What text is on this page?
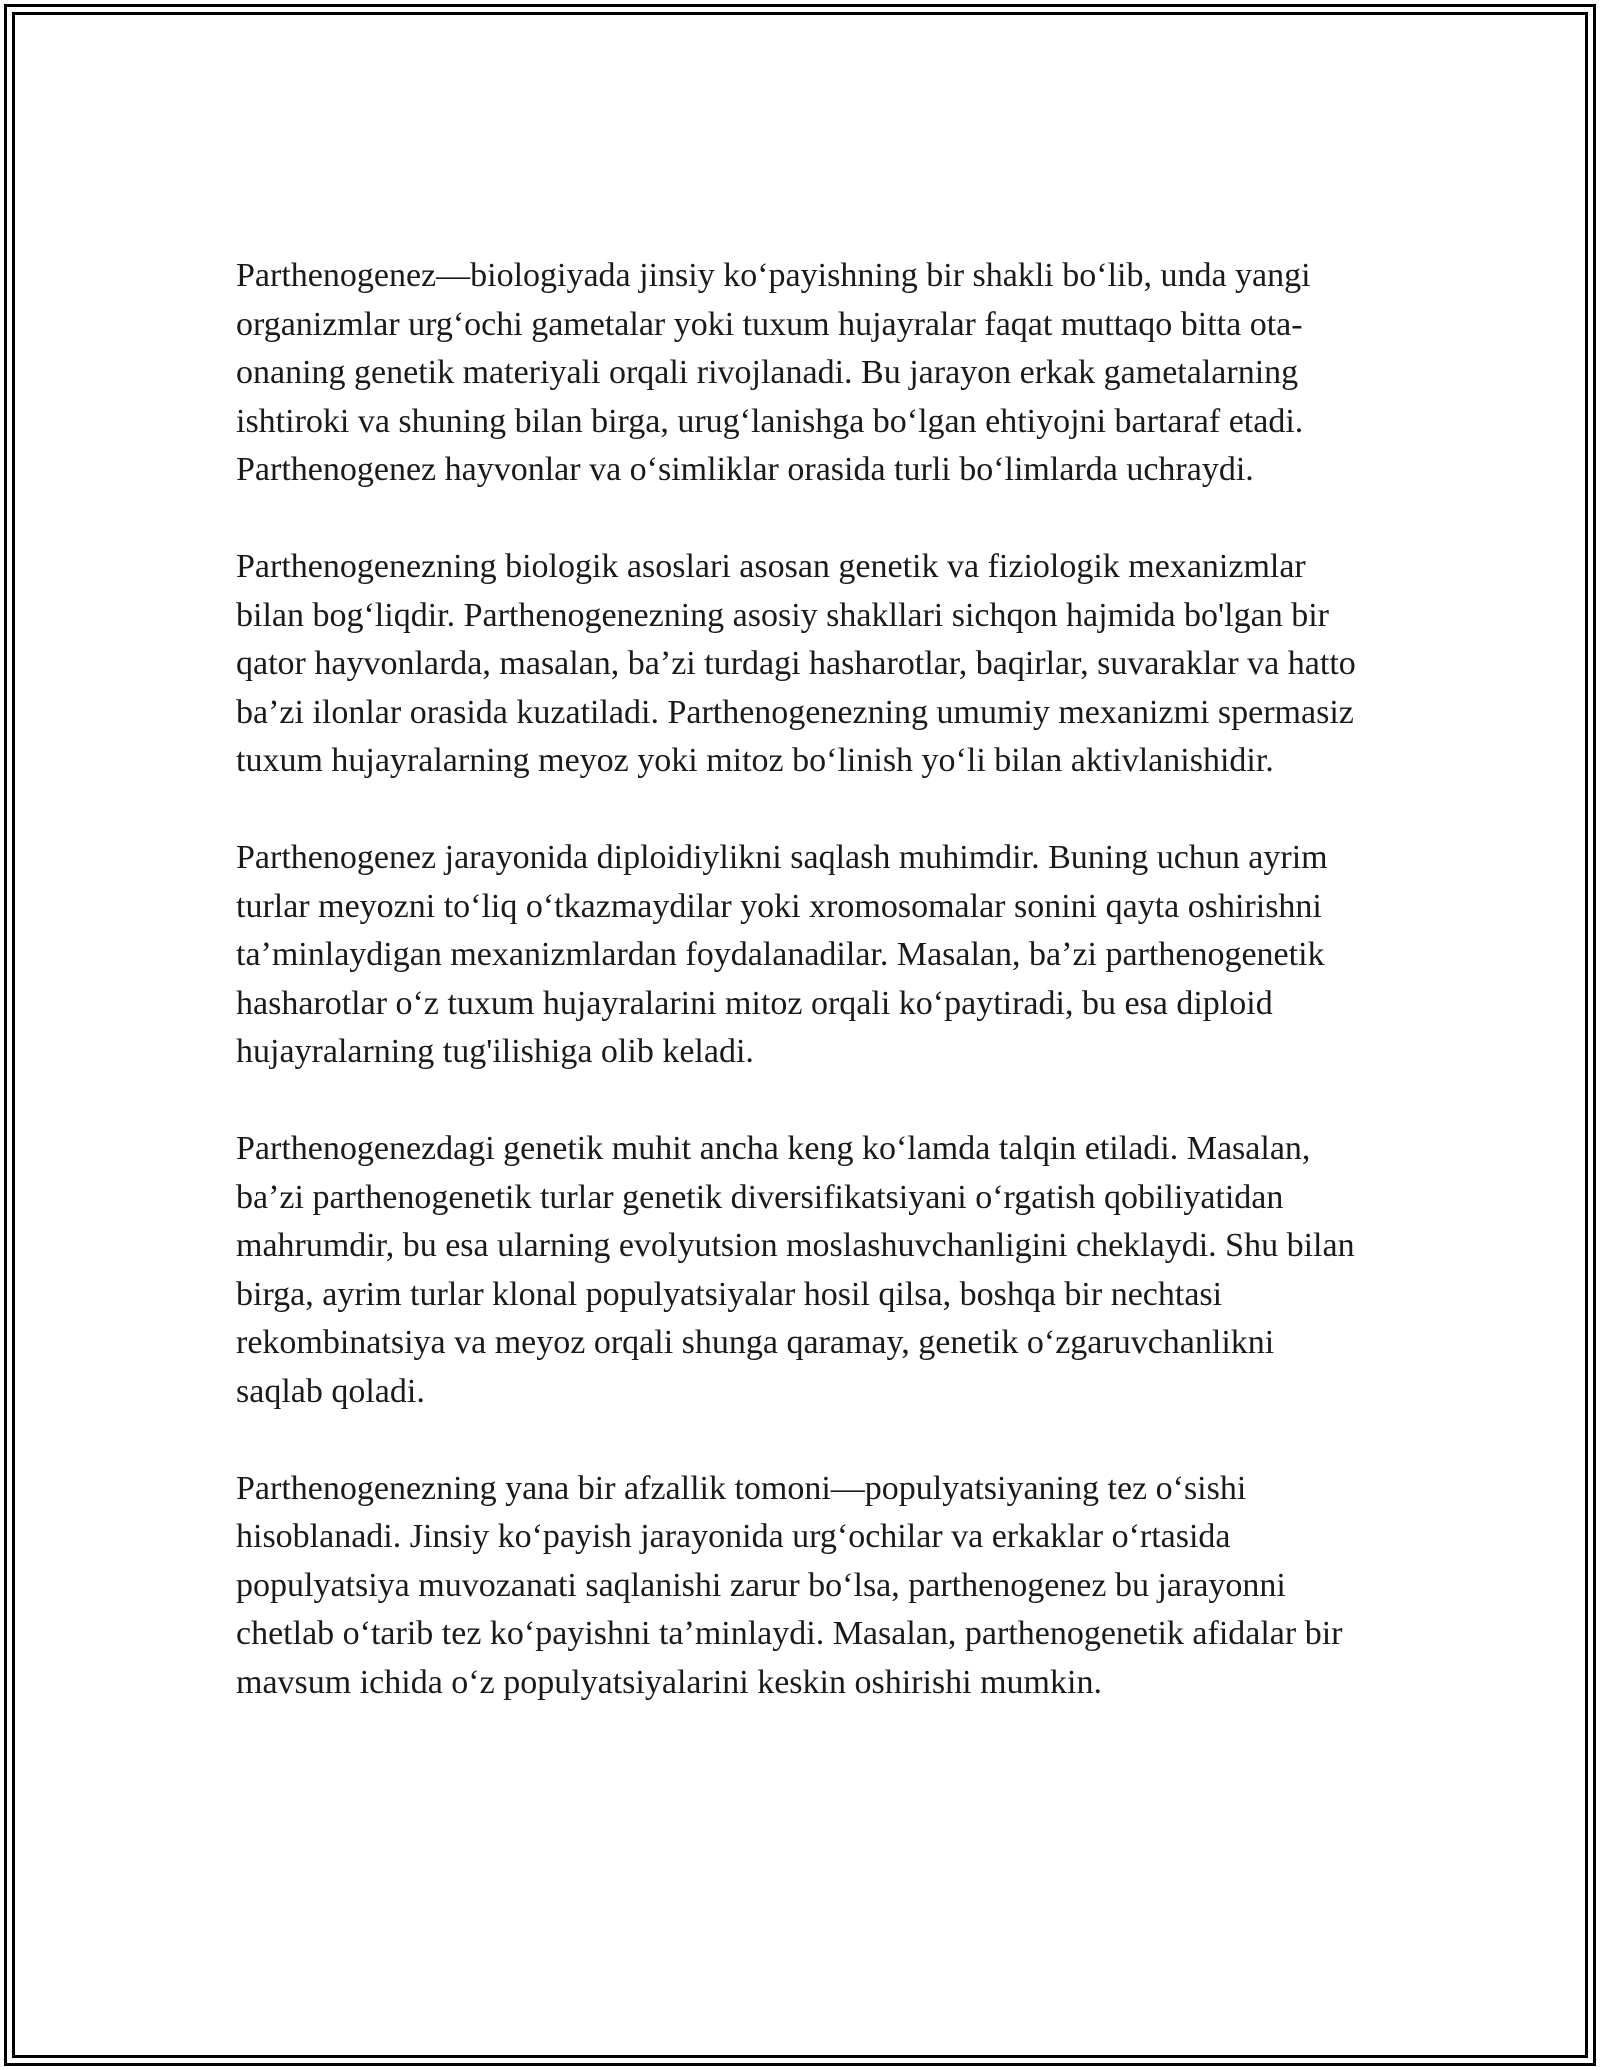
Parthenogenez—biologiyada jinsiy koʻpayishning bir shakli boʻlib, unda yangi organizmlar urgʻochi gametalar yoki tuxum hujayralar faqat muttaqo bitta ota-onaning genetik materiyali orqali rivojlanadi. Bu jarayon erkak gametalarning ishtiroki va shuning bilan birga, urugʻlanishga boʻlgan ehtiyojni bartaraf etadi. Parthenogenez hayvonlar va oʻsimliklar orasida turli boʻlimlarda uchraydi.

Parthenogenezning biologik asoslari asosan genetik va fiziologik mexanizmlar bilan bogʻliqdir. Parthenogenezning asosiy shakllari sichqon hajmida bo'lgan bir qator hayvonlarda, masalan, baʼzi turdagi hasharotlar, baqirlar, suvaraklar va hatto baʼzi ilonlar orasida kuzatiladi. Parthenogenezning umumiy mexanizmi spermasiz tuxum hujayralarning meyoz yoki mitoz boʻlinish yoʻli bilan aktivlanishidir.

Parthenogenez jarayonida diploidiylikni saqlash muhimdir. Buning uchun ayrim turlar meyozni toʻliq oʻtkazmaydilar yoki xromosomalar sonini qayta oshirishni taʼminlaydigan mexanizmlardan foydalanadilar. Masalan, baʼzi parthenogenetik hasharotlar oʻz tuxum hujayralarini mitoz orqali koʻpaytiradi, bu esa diploid hujayralarning tug'ilishiga olib keladi.

Parthenogenezdagi genetik muhit ancha keng koʻlamda talqin etiladi. Masalan, baʼzi parthenogenetik turlar genetik diversifikatsiyani oʻrgatish qobiliyatidan mahrumdir, bu esa ularning evolyutsion moslashuvchanligini cheklaydi. Shu bilan birga, ayrim turlar klonal populyatsiyalar hosil qilsa, boshqa bir nechtasi rekombinatsiya va meyoz orqali shunga qaramay, genetik oʻzgaruvchanlikni saqlab qoladi.

Parthenogenezning yana bir afzallik tomoni—populyatsiyaning tez oʻsishi hisoblanadi. Jinsiy koʻpayish jarayonida urgʻochilar va erkaklar oʻrtasida populyatsiya muvozanati saqlanishi zarur boʻlsa, parthenogenez bu jarayonni chetlab oʻtarib tez koʻpayishni taʼminlaydi. Masalan, parthenogenetik afidalar bir mavsum ichida oʻz populyatsiyalarini keskin oshirishi mumkin.
